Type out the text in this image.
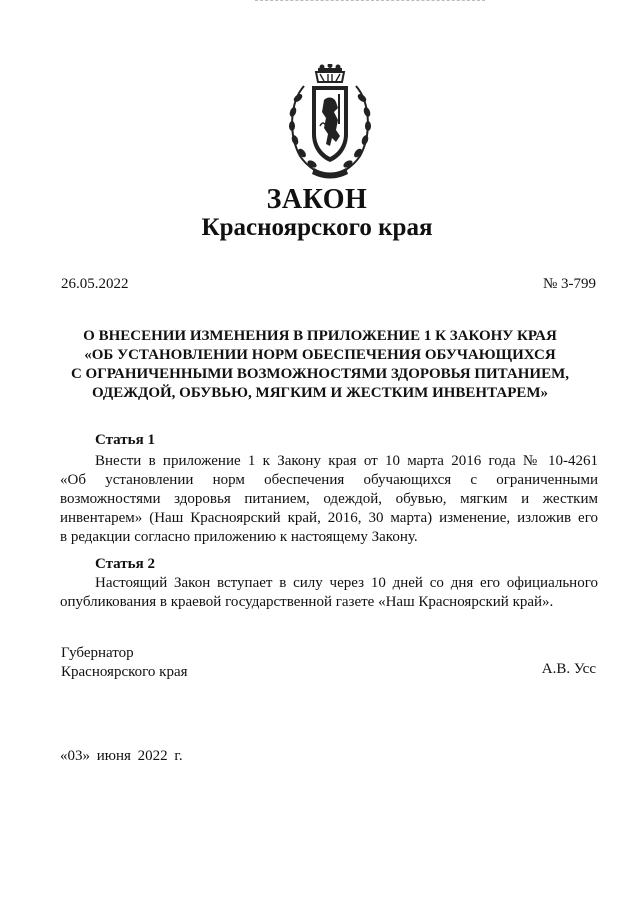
ЗАКОН
Красноярского края
26.05.2022	№ 3-799
О ВНЕСЕНИИ ИЗМЕНЕНИЯ В ПРИЛОЖЕНИЕ 1 К ЗАКОНУ КРАЯ
«ОБ УСТАНОВЛЕНИИ НОРМ ОБЕСПЕЧЕНИЯ ОБУЧАЮЩИХСЯ
С ОГРАНИЧЕННЫМИ ВОЗМОЖНОСТЯМИ ЗДОРОВЬЯ ПИТАНИЕМ,
ОДЕЖДОЙ, ОБУВЬЮ, МЯГКИМ И ЖЕСТКИМ ИНВЕНТАРЕМ»
Статья 1
Внести в приложение 1 к Закону края от 10 марта 2016 года № 10-4261
«Об установлении норм обеспечения обучающихся с ограниченными
возможностями здоровья питанием, одеждой, обувью, мягким и жестким
инвентарем» (Наш Красноярский край, 2016, 30 марта) изменение, изложив его
в редакции согласно приложению к настоящему Закону.
Статья 2
Настоящий Закон вступает в силу через 10 дней со дня его официального
опубликования в краевой государственной газете «Наш Красноярский край».
Губернатор
Красноярского края	А.В. Усс
«03» июня 2022 г.
